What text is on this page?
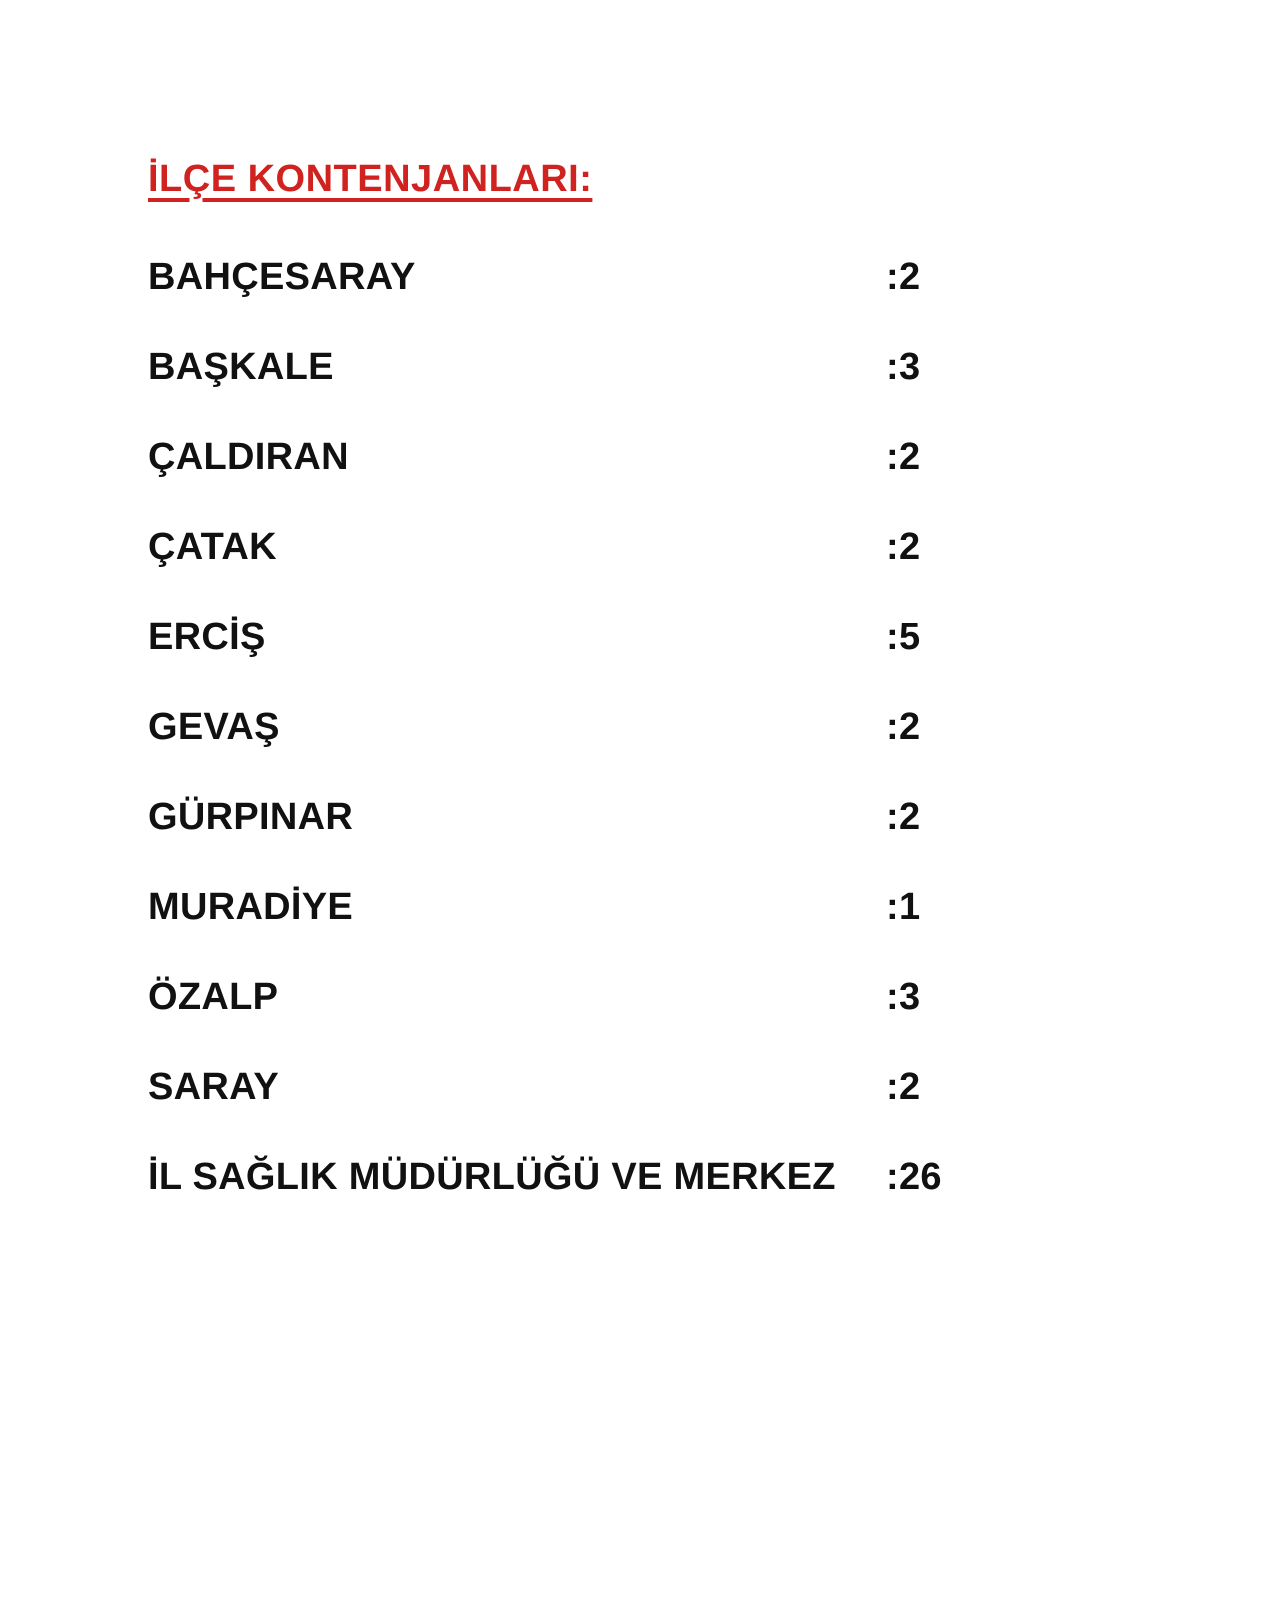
İLÇE KONTENJANLARI:
BAHÇESARAY	:2
BAŞKALE	:3
ÇALDIRAN	:2
ÇATAK	:2
ERCİŞ	:5
GEVAŞ	:2
GÜRPINAR	:2
MURADİYE	:1
ÖZALP	:3
SARAY	:2
İL SAĞLIK MÜDÜRLÜĞÜ VE MERKEZ	:26
